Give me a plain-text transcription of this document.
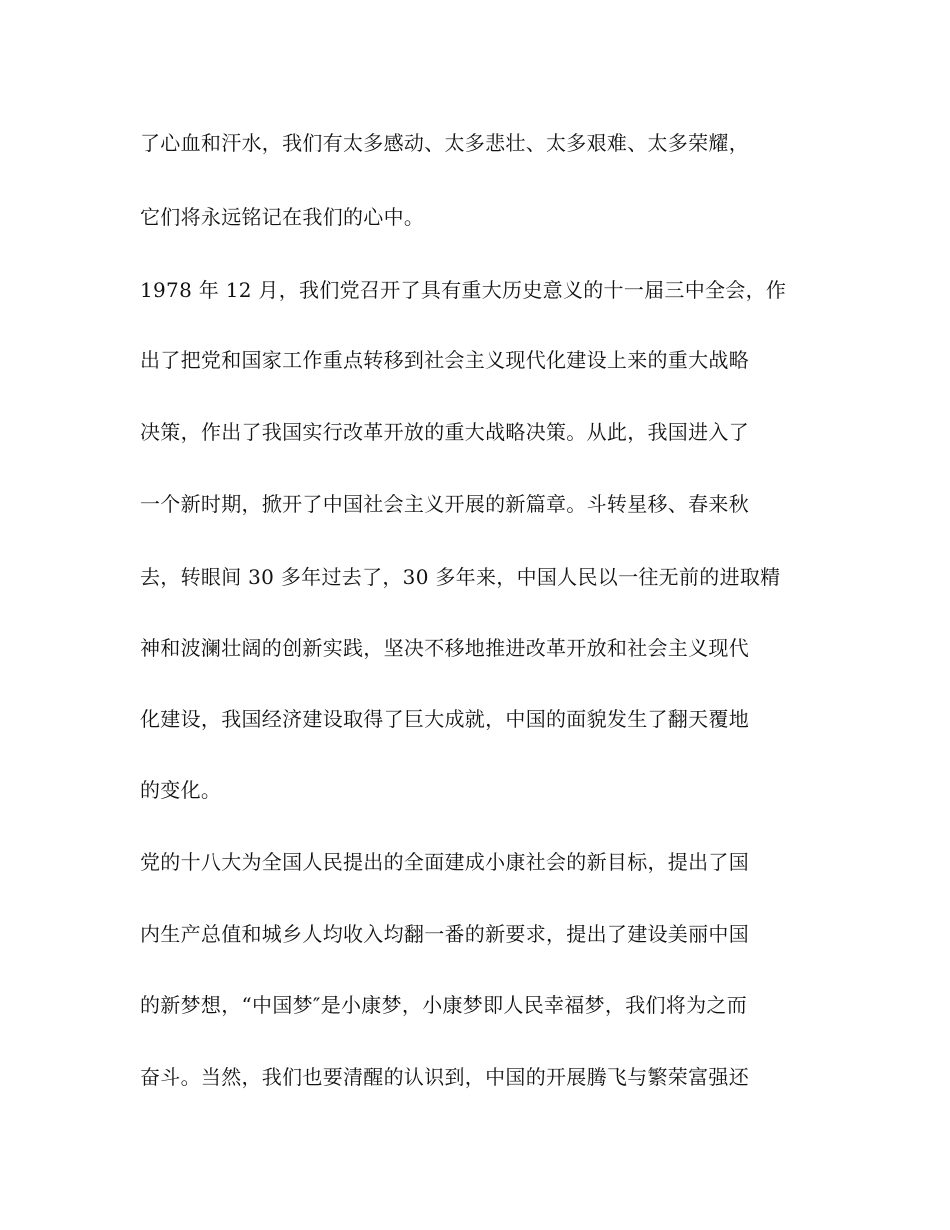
了心血和汗水，我们有太多感动、太多悲壮、太多艰难、太多荣耀，
它们将永远铭记在我们的心中。
1978 年 12 月，我们党召开了具有重大历史意义的十一届三中全会，作
出了把党和国家工作重点转移到社会主义现代化建设上来的重大战略
决策，作出了我国实行改革开放的重大战略决策。从此，我国进入了
一个新时期，掀开了中国社会主义开展的新篇章。斗转星移、春来秋
去，转眼间 30 多年过去了，30 多年来，中国人民以一往无前的进取精
神和波澜壮阔的创新实践，坚决不移地推进改革开放和社会主义现代
化建设，我国经济建设取得了巨大成就，中国的面貌发生了翻天覆地
的变化。
党的十八大为全国人民提出的全面建成小康社会的新目标，提出了国
内生产总值和城乡人均收入均翻一番的新要求，提出了建设美丽中国
的新梦想，“中国梦″是小康梦，小康梦即人民幸福梦，我们将为之而
奋斗。当然，我们也要清醒的认识到，中国的开展腾飞与繁荣富强还
